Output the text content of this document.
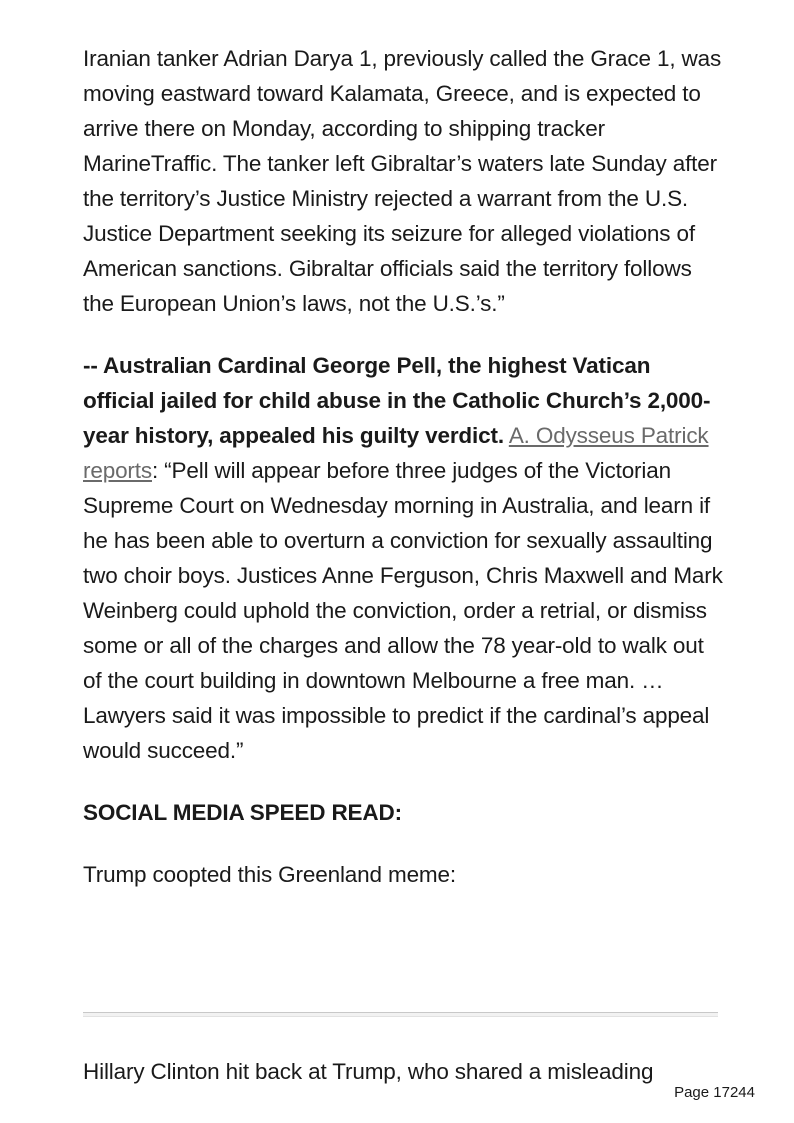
Iranian tanker Adrian Darya 1, previously called the Grace 1, was moving eastward toward Kalamata, Greece, and is expected to arrive there on Monday, according to shipping tracker MarineTraffic. The tanker left Gibraltar’s waters late Sunday after the territory’s Justice Ministry rejected a warrant from the U.S. Justice Department seeking its seizure for alleged violations of American sanctions. Gibraltar officials said the territory follows the European Union’s laws, not the U.S.’s.”

-- Australian Cardinal George Pell, the highest Vatican official jailed for child abuse in the Catholic Church’s 2,000-year history, appealed his guilty verdict. A. Odysseus Patrick reports: “Pell will appear before three judges of the Victorian Supreme Court on Wednesday morning in Australia, and learn if he has been able to overturn a conviction for sexually assaulting two choir boys. Justices Anne Ferguson, Chris Maxwell and Mark Weinberg could uphold the conviction, order a retrial, or dismiss some or all of the charges and allow the 78 year-old to walk out of the court building in downtown Melbourne a free man. … Lawyers said it was impossible to predict if the cardinal’s appeal would succeed.”

SOCIAL MEDIA SPEED READ:

Trump coopted this Greenland meme:

Hillary Clinton hit back at Trump, who shared a misleading

Page 17244
